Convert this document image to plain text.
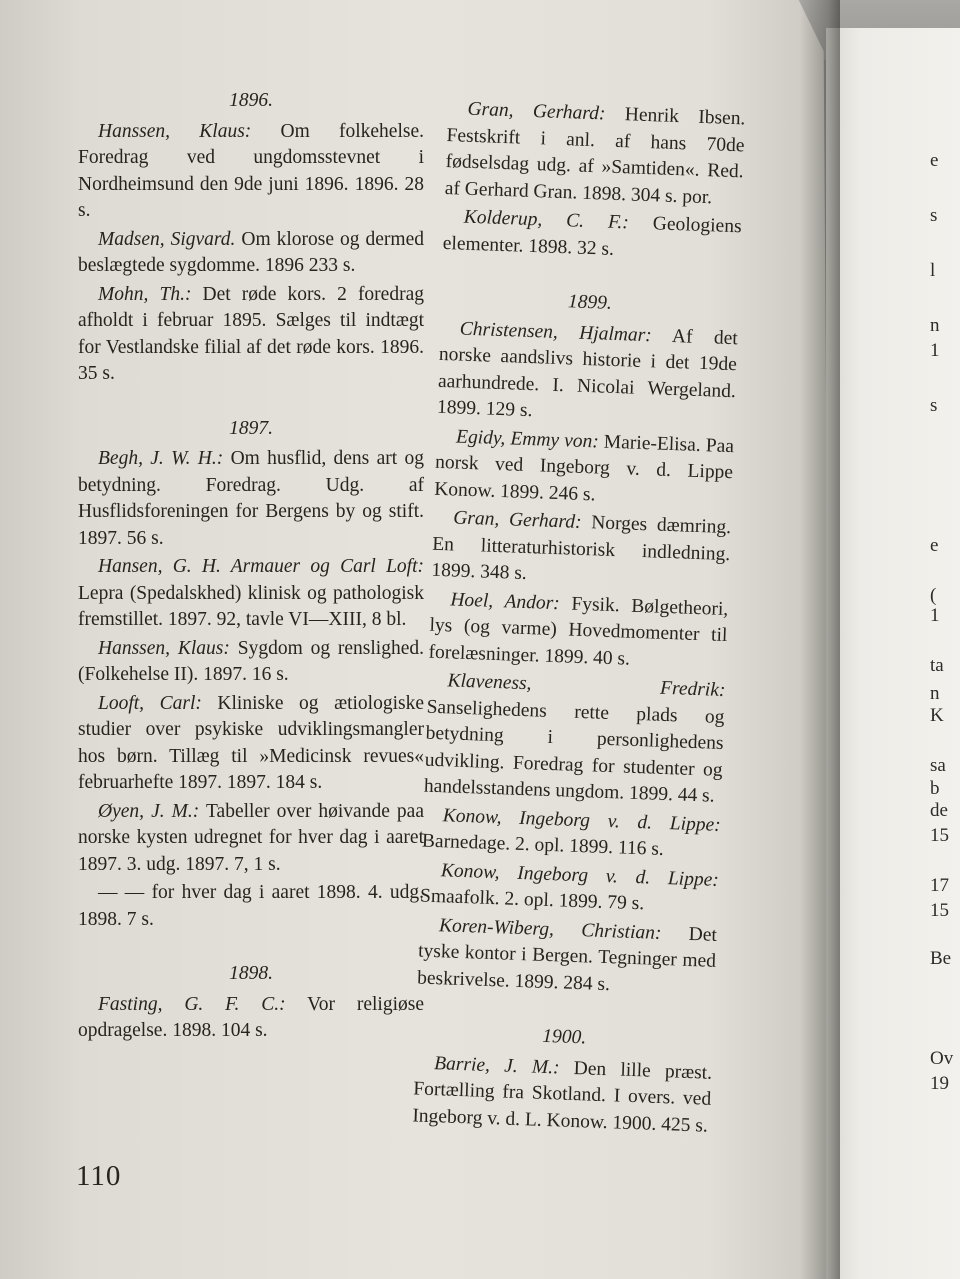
1896.

Hanssen, Klaus: Om folkehelse. Foredrag ved ungdomsstevnet i Nordheimsund den 9de juni 1896. 1896. 28 s.

Madsen, Sigvard. Om klorose og dermed beslægtede sygdomme. 1896 233 s.

Mohn, Th.: Det røde kors. 2 foredrag afholdt i februar 1895. Sælges til indtægt for Vestlandske filial af det røde kors. 1896. 35 s.

1897.

Begh, J. W. H.: Om husflid, dens art og betydning. Foredrag. Udg. af Husflidsforeningen for Bergens by og stift. 1897. 56 s.

Hansen, G. H. Armauer og Carl Loft: Lepra (Spedalskhed) klinisk og pathologisk fremstillet. 1897. 92, tavle VI—XIII, 8 bl.

Hanssen, Klaus: Sygdom og renslighed. (Folkehelse II). 1897. 16 s.

Looft, Carl: Kliniske og ætiologiske studier over psykiske udviklingsmangler hos børn. Tillæg til »Medicinsk revues« februarhefte 1897. 1897. 184 s.

Øyen, J. M.: Tabeller over høivande paa norske kysten udregnet for hver dag i aaret 1897. 3. udg. 1897. 7, 1 s.

— — for hver dag i aaret 1898. 4. udg. 1898. 7 s.

1898.

Fasting, G. F. C.: Vor religiøse opdragelse. 1898. 104 s.

Gran, Gerhard: Henrik Ibsen. Festskrift i anl. af hans 70de fødselsdag udg. af »Samtiden«. Red. af Gerhard Gran. 1898. 304 s. por.

Kolderup, C. F.: Geologiens elementer. 1898. 32 s.

1899.

Christensen, Hjalmar: Af det norske aandslivs historie i det 19de aarhundrede. I. Nicolai Wergeland. 1899. 129 s.

Egidy, Emmy von: Marie-Elisa. Paa norsk ved Ingeborg v. d. Lippe Konow. 1899. 246 s.

Gran, Gerhard: Norges dæmring. En litteraturhistorisk indledning. 1899. 348 s.

Hoel, Andor: Fysik. Bølgetheori, lys (og varme) Hovedmomenter til forelæsninger. 1899. 40 s.

Klaveness, Fredrik: Sanselighedens rette plads og betydning i personlighedens udvikling. Foredrag for studenter og handelsstandens ungdom. 1899. 44 s.

Konow, Ingeborg v. d. Lippe: Barnedage. 2. opl. 1899. 116 s.

Konow, Ingeborg v. d. Lippe: Smaafolk. 2. opl. 1899. 79 s.

Koren-Wiberg, Christian: Det tyske kontor i Bergen. Tegninger med beskrivelse. 1899. 284 s.

1900.

Barrie, J. M.: Den lille præst. Fortælling fra Skotland. I overs. ved Ingeborg v. d. L. Konow. 1900. 425 s.

110
e
s
l
n
1
s
e
(
1
ta
n
K
sa
b
de
15
17
15
Be
Ov
19
